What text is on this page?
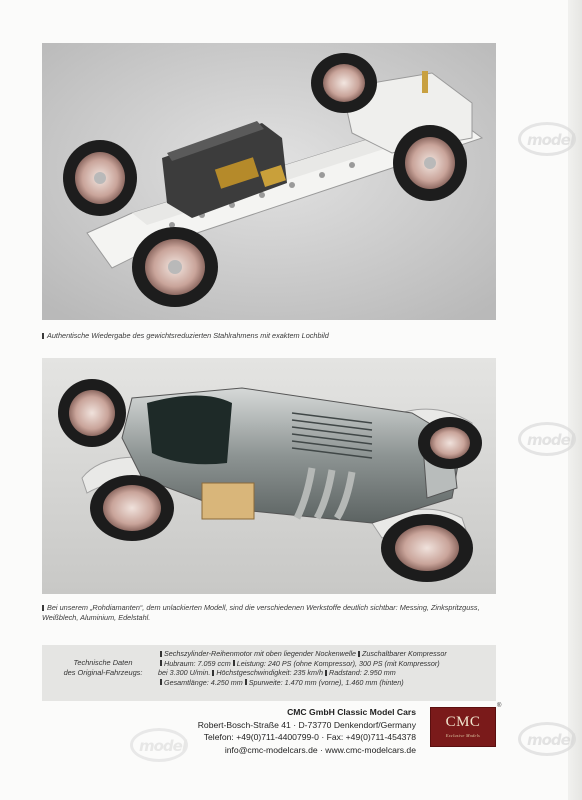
Authentische Wiedergabe des gewichtsreduzierten Stahlrahmens mit exaktem Lochbild
Bei unserem „Rohdiamanten“, dem unlackierten Modell, sind die verschiedenen Werkstoffe deutlich sichtbar: Messing, Zinkspritzguss, Weißblech, Aluminium, Edelstahl.
Technische Daten
des Original-Fahrzeugs:
Sechszylinder-Reihenmotor mit oben liegender Nockenwelle Zuschaltbarer Kompressor
Hubraum: 7.059 ccm Leistung: 240 PS (ohne Kompressor), 300 PS (mit Kompressor)
bei 3.300 U/min. Höchstgeschwindigkeit: 235 km/h Radstand: 2.950 mm
Gesamtlänge: 4.250 mm Spurweite: 1.470 mm (vorne), 1.460 mm (hinten)
CMC GmbH Classic Model Cars
Robert-Bosch-Straße 41 · D-73770 Denkendorf/Germany
Telefon: +49(0)711-4400799-0 · Fax: +49(0)711-454378
info@cmc-modelcars.de · www.cmc-modelcars.de
CMC
Exclusive Models
®
model
model
model
model
